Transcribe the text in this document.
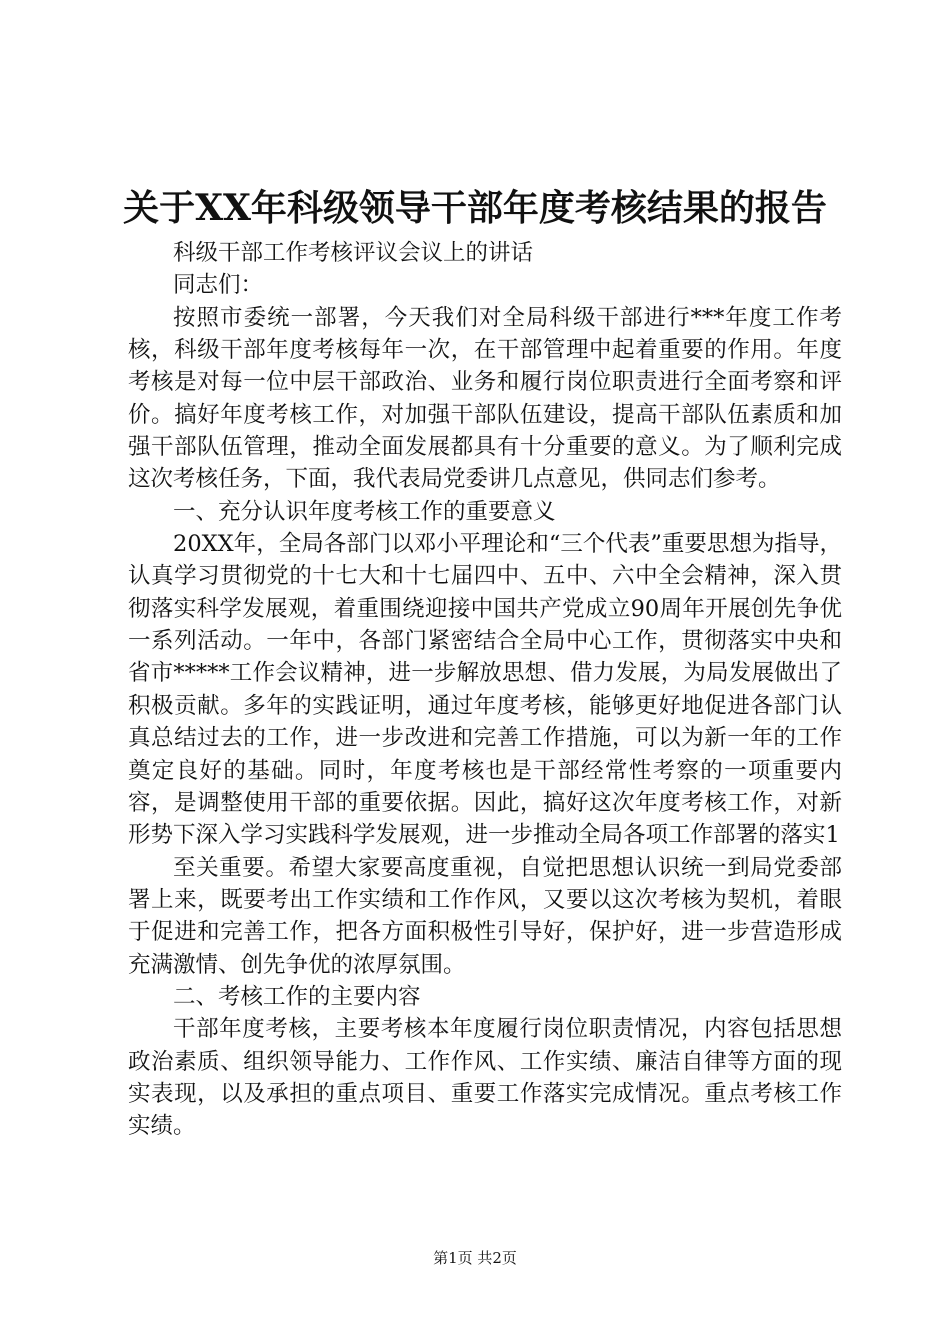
关于XX年科级领导干部年度考核结果的报告

科级干部工作考核评议会议上的讲话

同志们：

按照市委统一部署，今天我们对全局科级干部进行***年度工作考核，科级干部年度考核每年一次，在干部管理中起着重要的作用。年度考核是对每一位中层干部政治、业务和履行岗位职责进行全面考察和评价。搞好年度考核工作，对加强干部队伍建设，提高干部队伍素质和加强干部队伍管理，推动全面发展都具有十分重要的意义。为了顺利完成这次考核任务，下面，我代表局党委讲几点意见，供同志们参考。

一、充分认识年度考核工作的重要意义

20XX年，全局各部门以邓小平理论和“三个代表”重要思想为指导，认真学习贯彻党的十七大和十七届四中、五中、六中全会精神，深入贯彻落实科学发展观，着重围绕迎接中国共产党成立90周年开展创先争优一系列活动。一年中，各部门紧密结合全局中心工作，贯彻落实中央和省市*****工作会议精神，进一步解放思想、借力发展，为局发展做出了积极贡献。多年的实践证明，通过年度考核，能够更好地促进各部门认真总结过去的工作，进一步改进和完善工作措施，可以为新一年的工作奠定良好的基础。同时，年度考核也是干部经常性考察的一项重要内容，是调整使用干部的重要依据。因此，搞好这次年度考核工作，对新形势下深入学习实践科学发展观，进一步推动全局各项工作部署的落实1

至关重要。希望大家要高度重视，自觉把思想认识统一到局党委部署上来，既要考出工作实绩和工作作风，又要以这次考核为契机，着眼于促进和完善工作，把各方面积极性引导好，保护好，进一步营造形成充满激情、创先争优的浓厚氛围。

二、考核工作的主要内容

干部年度考核，主要考核本年度履行岗位职责情况，内容包括思想政治素质、组织领导能力、工作作风、工作实绩、廉洁自律等方面的现实表现，以及承担的重点项目、重要工作落实完成情况。重点考核工作实绩。

第1页 共2页
